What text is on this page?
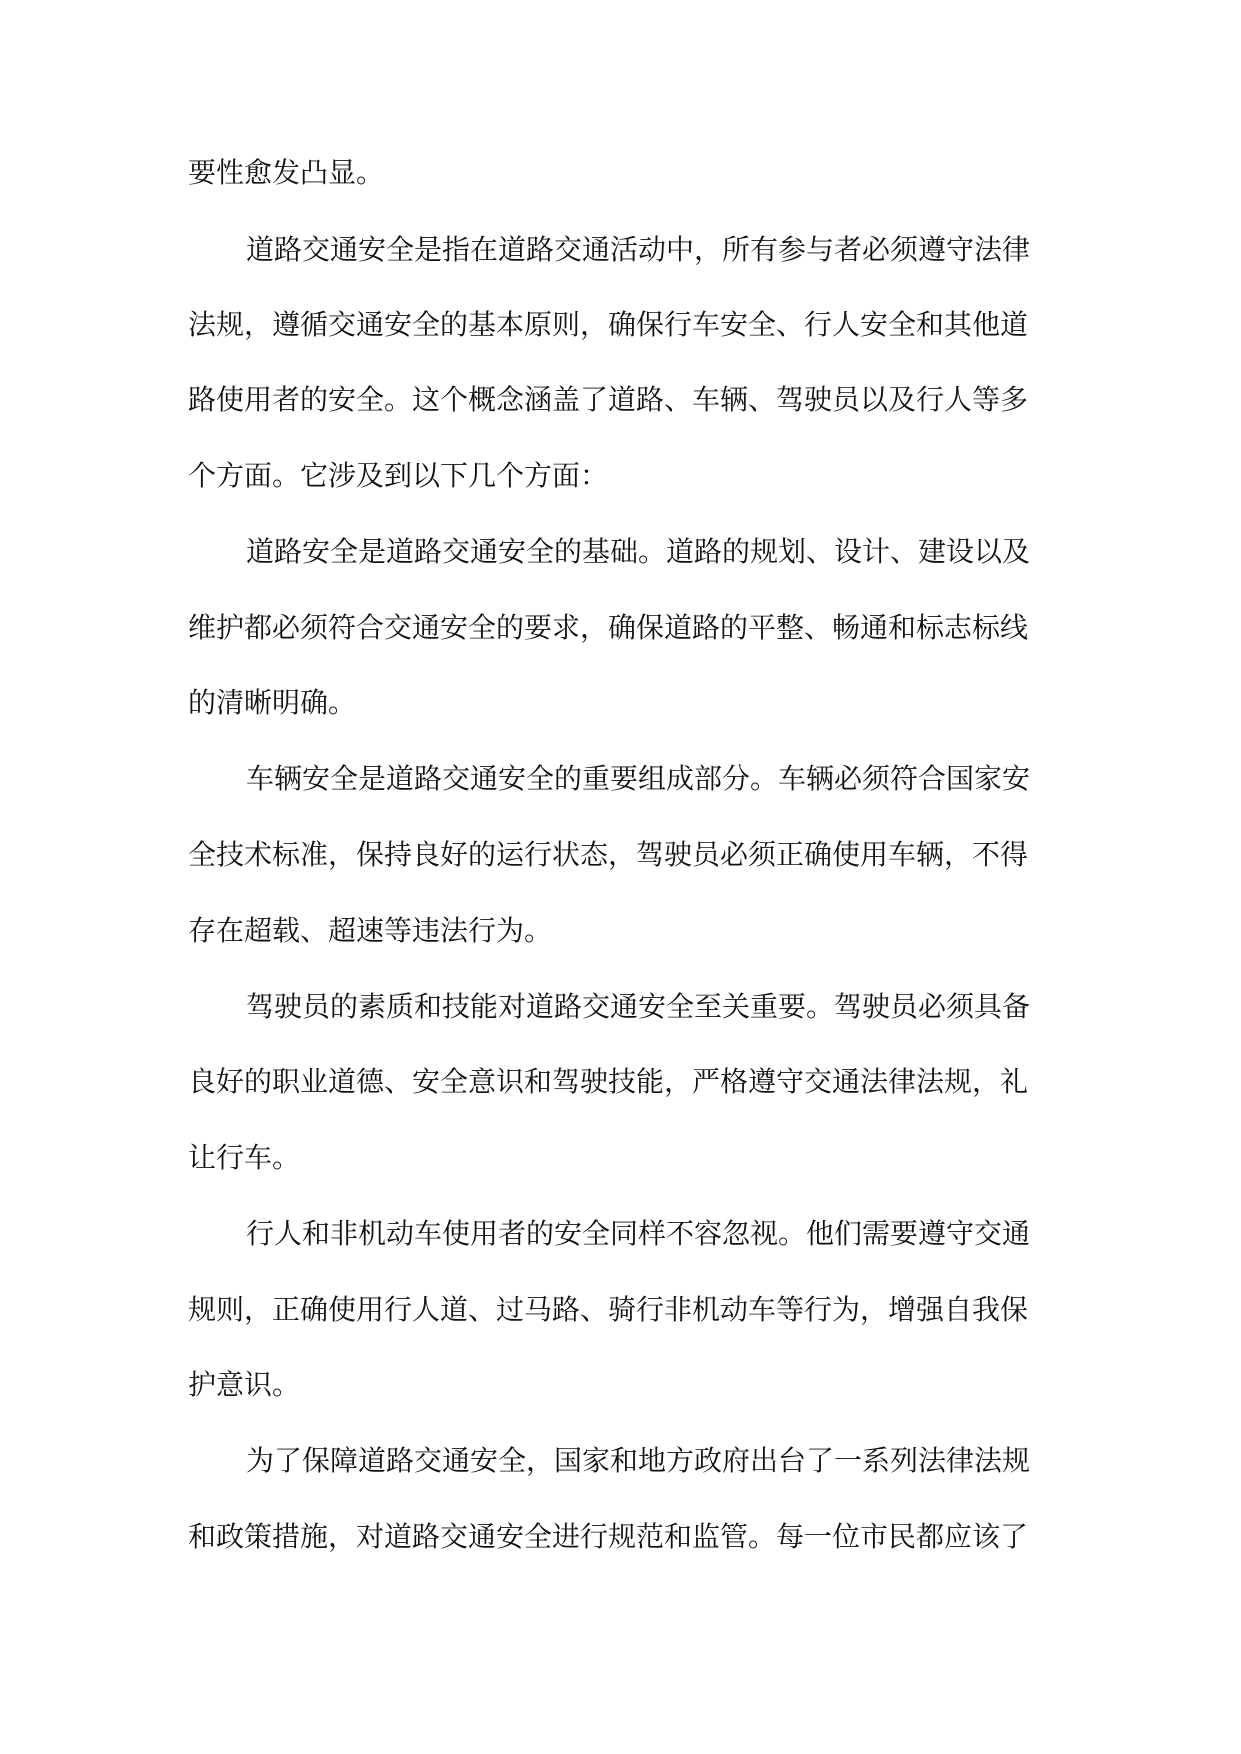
要性愈发凸显。
道路交通安全是指在道路交通活动中，所有参与者必须遵守法律
法规，遵循交通安全的基本原则，确保行车安全、行人安全和其他道
路使用者的安全。这个概念涵盖了道路、车辆、驾驶员以及行人等多
个方面。它涉及到以下几个方面：
道路安全是道路交通安全的基础。道路的规划、设计、建设以及
维护都必须符合交通安全的要求，确保道路的平整、畅通和标志标线
的清晰明确。
车辆安全是道路交通安全的重要组成部分。车辆必须符合国家安
全技术标准，保持良好的运行状态，驾驶员必须正确使用车辆，不得
存在超载、超速等违法行为。
驾驶员的素质和技能对道路交通安全至关重要。驾驶员必须具备
良好的职业道德、安全意识和驾驶技能，严格遵守交通法律法规，礼
让行车。
行人和非机动车使用者的安全同样不容忽视。他们需要遵守交通
规则，正确使用行人道、过马路、骑行非机动车等行为，增强自我保
护意识。
为了保障道路交通安全，国家和地方政府出台了一系列法律法规
和政策措施，对道路交通安全进行规范和监管。每一位市民都应该了
